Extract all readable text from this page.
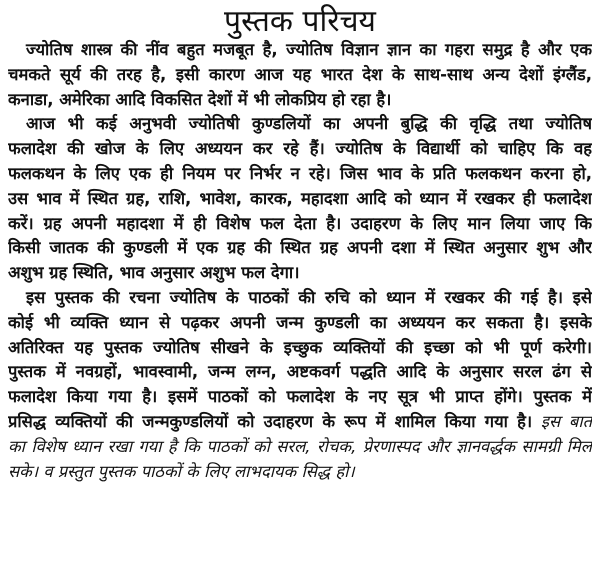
पुस्तक परिचय
ज्योतिष शास्त्र की नींव बहुत मजबूत है, ज्योतिष विज्ञान ज्ञान का गहरा समुद्र है और एक
चमकते सूर्य की तरह है, इसी कारण आज यह भारत देश के साथ-साथ अन्य देशों इंग्लैंड,
कनाडा, अमेरिका आदि विकसित देशों में भी लोकप्रिय हो रहा है।
आज भी कई अनुभवी ज्योतिषी कुण्डलियों का अपनी बुद्धि की वृद्धि तथा ज्योतिष
फलादेश की खोज के लिए अध्ययन कर रहे हैं। ज्योतिष के विद्यार्थी को चाहिए कि वह
फलकथन के लिए एक ही नियम पर निर्भर न रहे। जिस भाव के प्रति फलकथन करना हो,
उस भाव में स्थित ग्रह, राशि, भावेश, कारक, महादशा आदि को ध्यान में रखकर ही फलादेश
करें। ग्रह अपनी महादशा में ही विशेष फल देता है। उदाहरण के लिए मान लिया जाए कि
किसी जातक की कुण्डली में एक ग्रह की स्थित ग्रह अपनी दशा में स्थित अनुसार शुभ और
अशुभ ग्रह स्थिति, भाव अनुसार अशुभ फल देगा।
इस पुस्तक की रचना ज्योतिष के पाठकों की रुचि को ध्यान में रखकर की गई है। इसे
कोई भी व्यक्ति ध्यान से पढ़कर अपनी जन्म कुण्डली का अध्ययन कर सकता है। इसके
अतिरिक्त यह पुस्तक ज्योतिष सीखने के इच्छुक व्यक्तियों की इच्छा को भी पूर्ण करेगी।
पुस्तक में नवग्रहों, भावस्वामी, जन्म लग्न, अष्टकवर्ग पद्धति आदि के अनुसार सरल ढंग से
फलादेश किया गया है। इसमें पाठकों को फलादेश के नए सूत्र भी प्राप्त होंगे। पुस्तक में
प्रसिद्ध व्यक्तियों की जन्मकुण्डलियों को उदाहरण के रूप में शामिल किया गया है। इस बात
का विशेष ध्यान रखा गया है कि पाठकों को सरल, रोचक, प्रेरणास्पद और ज्ञानवर्द्धक सामग्री मिल
सके। व प्रस्तुत पुस्तक पाठकों के लिए लाभदायक सिद्ध हो।
